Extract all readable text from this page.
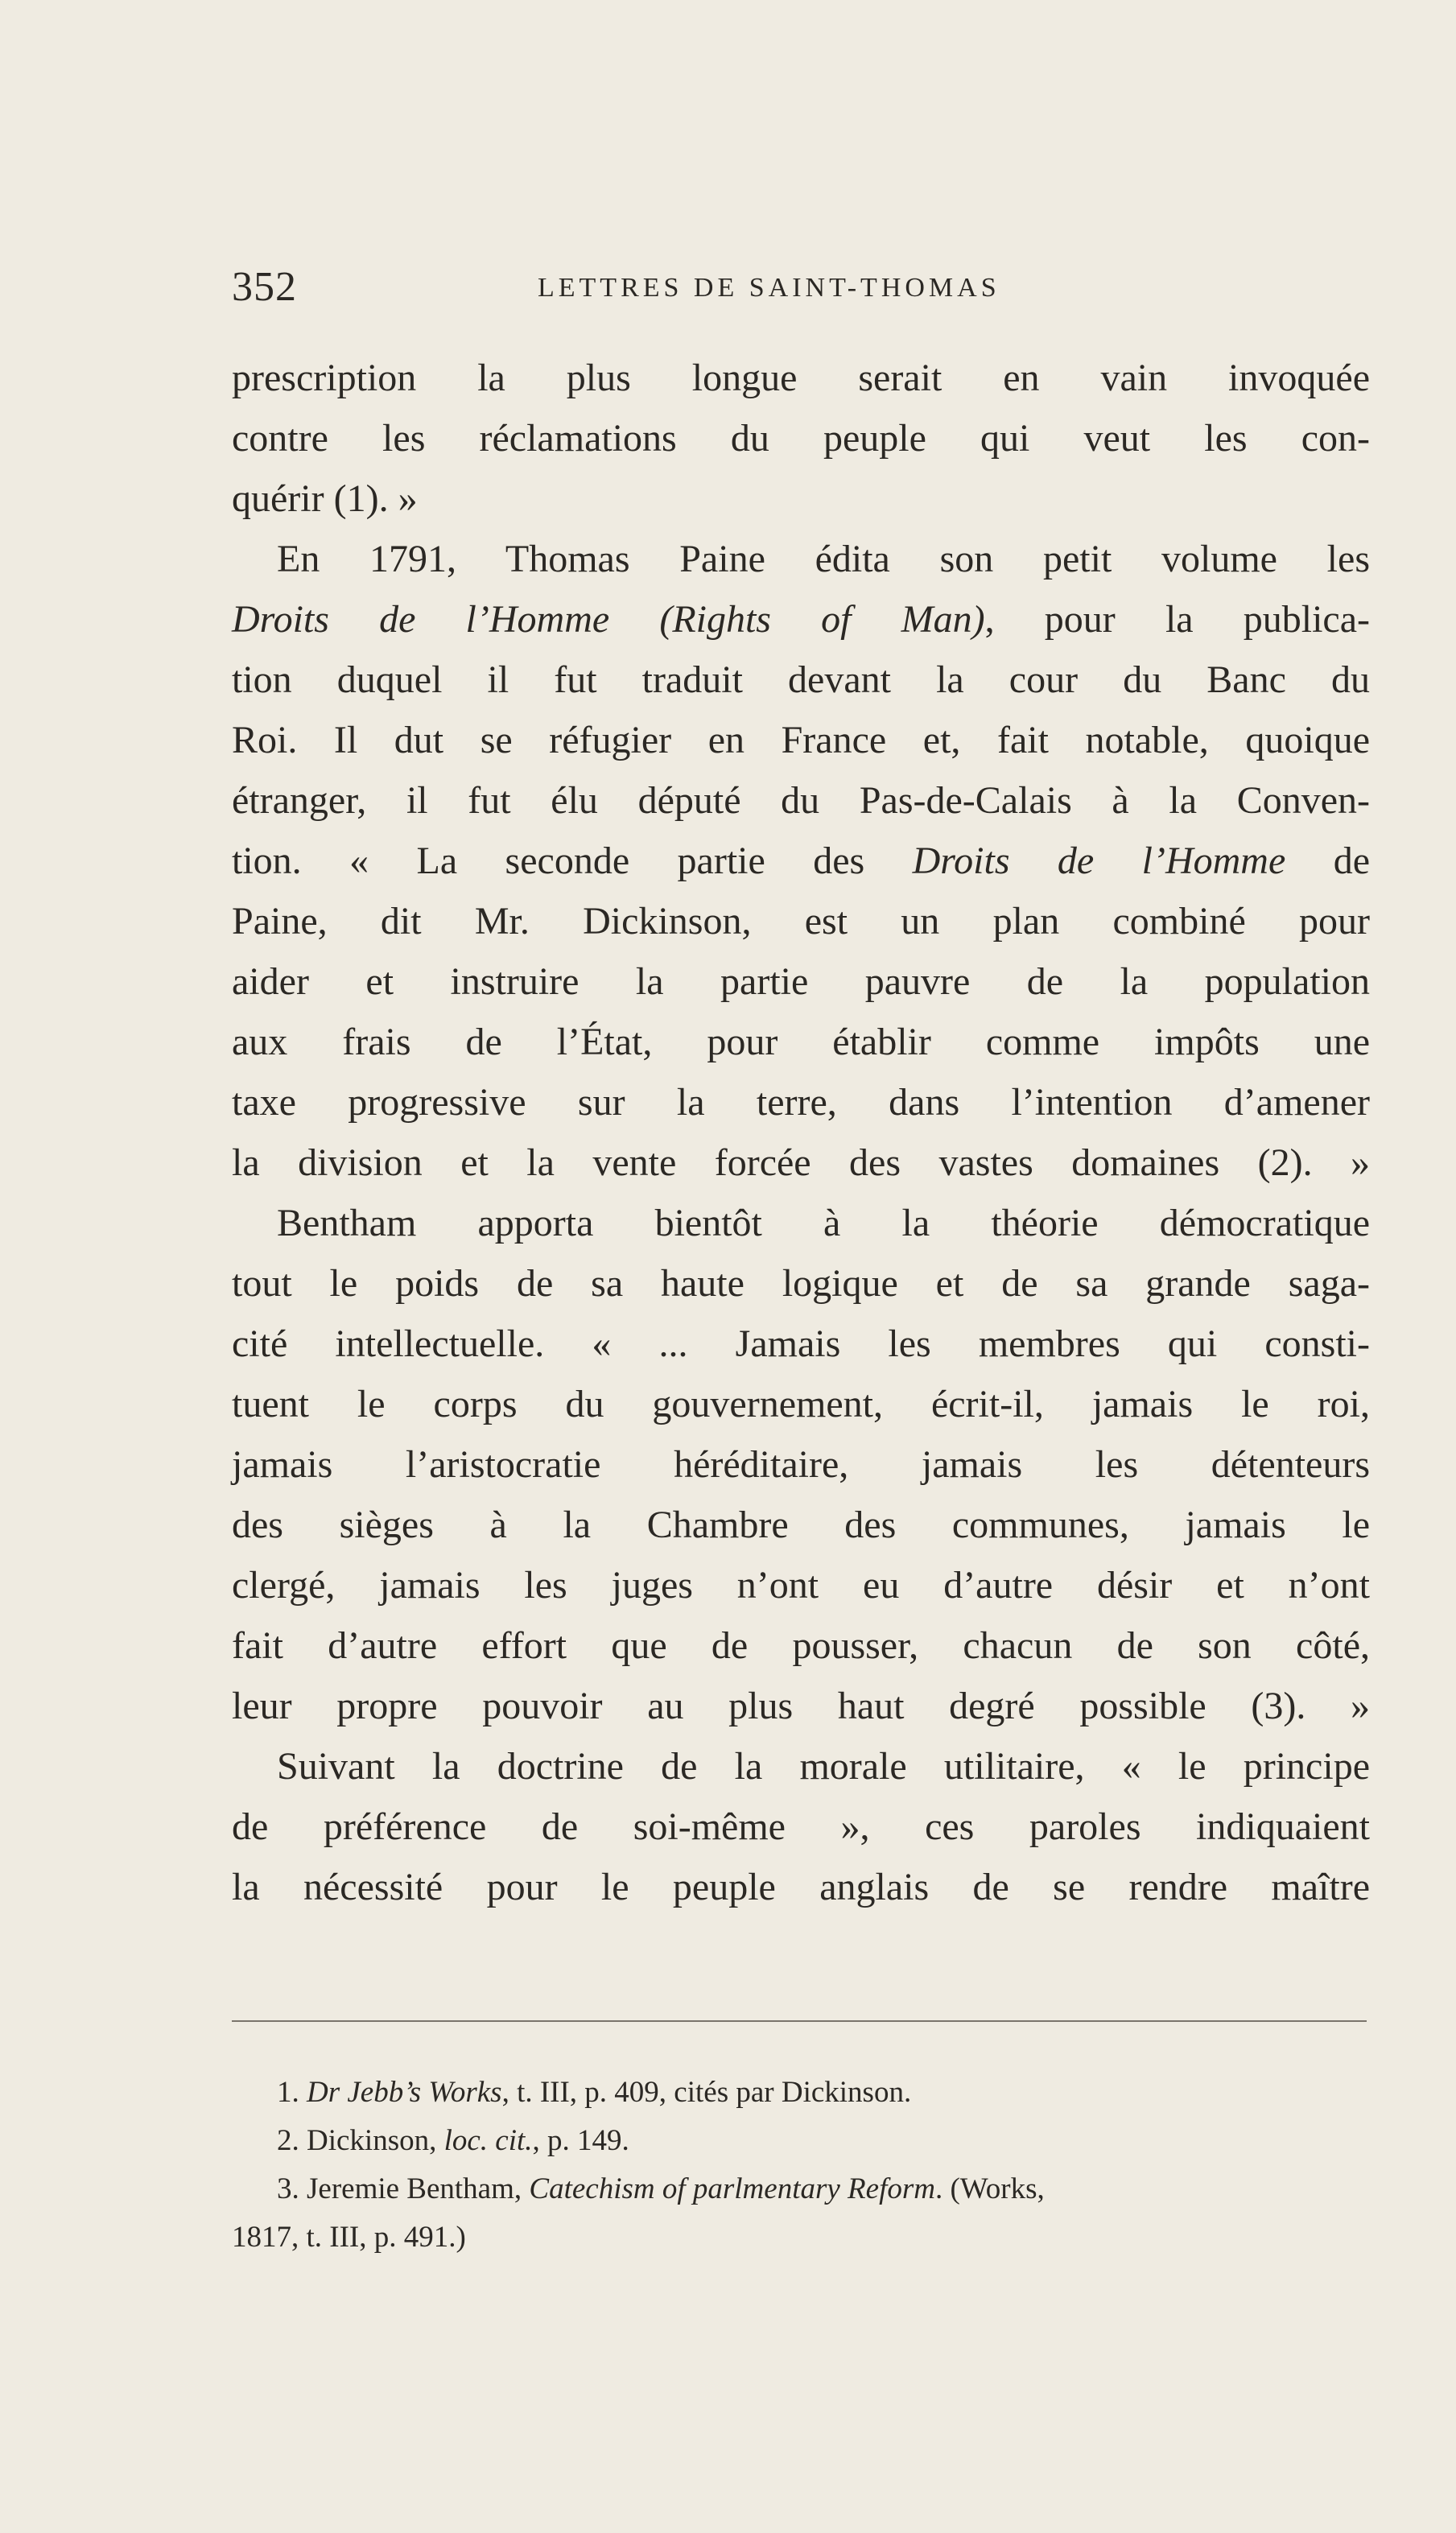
352	LETTRES DE SAINT-THOMAS
prescription la plus longue serait en vain invoquée
contre les réclamations du peuple qui veut les con-
quérir (1). »
En 1791, Thomas Paine édita son petit volume les
Droits de l’Homme (Rights of Man), pour la publica-
tion duquel il fut traduit devant la cour du Banc du
Roi. Il dut se réfugier en France et, fait notable, quoique
étranger, il fut élu député du Pas-de-Calais à la Conven-
tion. « La seconde partie des Droits de l’Homme de
Paine, dit Mr. Dickinson, est un plan combiné pour
aider et instruire la partie pauvre de la population
aux frais de l’État, pour établir comme impôts une
taxe progressive sur la terre, dans l’intention d’amener
la division et la vente forcée des vastes domaines (2). »
Bentham apporta bientôt à la théorie démocratique
tout le poids de sa haute logique et de sa grande saga-
cité intellectuelle. « ... Jamais les membres qui consti-
tuent le corps du gouvernement, écrit-il, jamais le roi,
jamais l’aristocratie héréditaire, jamais les détenteurs
des sièges à la Chambre des communes, jamais le
clergé, jamais les juges n’ont eu d’autre désir et n’ont
fait d’autre effort que de pousser, chacun de son côté,
leur propre pouvoir au plus haut degré possible (3). »
Suivant la doctrine de la morale utilitaire, « le principe
de préférence de soi-même », ces paroles indiquaient
la nécessité pour le peuple anglais de se rendre maître
1. Dr Jebb’s Works, t. III, p. 409, cités par Dickinson.
2. Dickinson, loc. cit., p. 149.
3. Jeremie Bentham, Catechism of parlmentary Reform. (Works,
1817, t. III, p. 491.)
